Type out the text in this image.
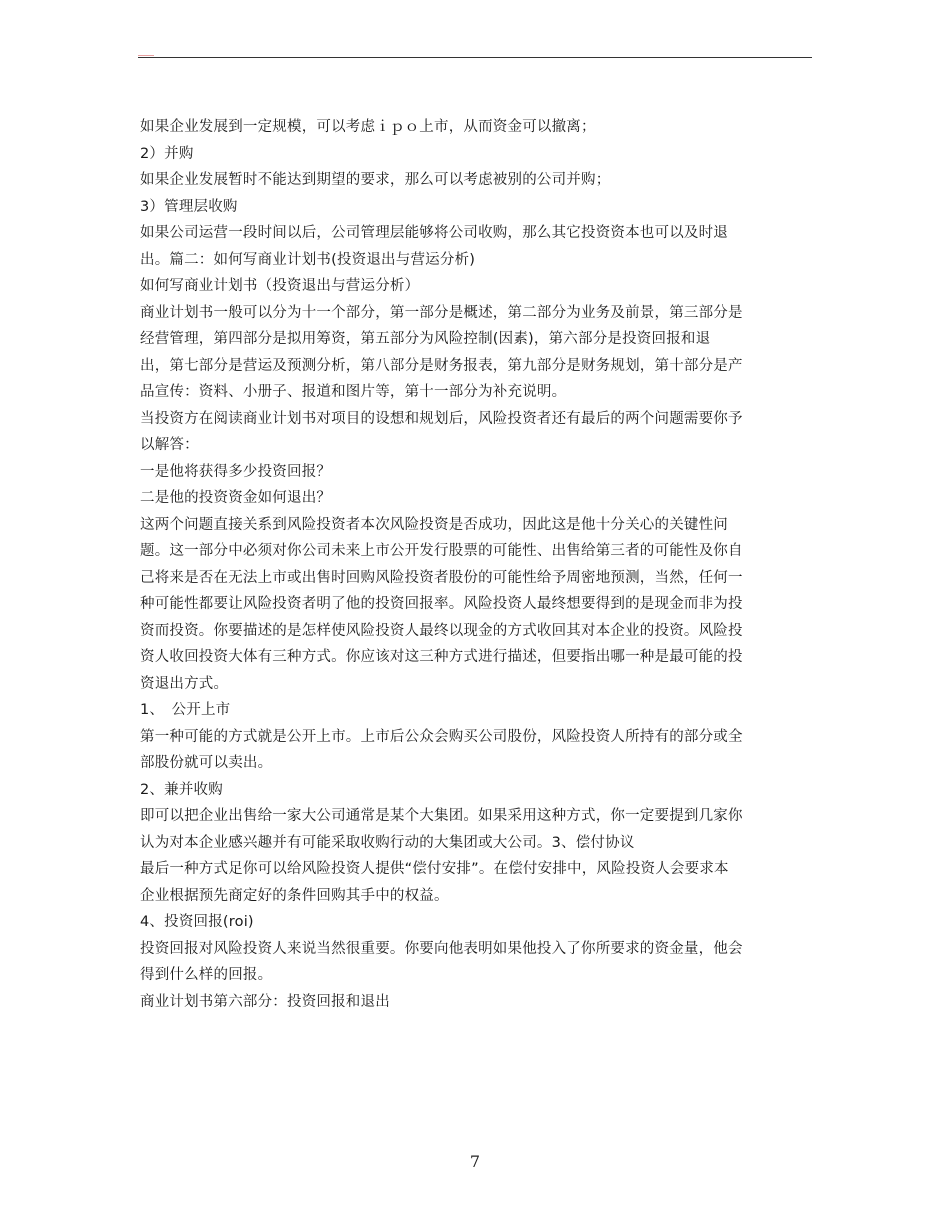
如果企业发展到一定规模，可以考虑ｉｐｏ上市，从而资金可以撤离；
2）并购
如果企业发展暂时不能达到期望的要求，那么可以考虑被别的公司并购；
3）管理层收购
如果公司运营一段时间以后，公司管理层能够将公司收购，那么其它投资资本也可以及时退
出。篇二：如何写商业计划书(投资退出与营运分析)
如何写商业计划书（投资退出与营运分析）
商业计划书一般可以分为十一个部分，第一部分是概述，第二部分为业务及前景，第三部分是
经营管理，第四部分是拟用筹资，第五部分为风险控制(因素)，第六部分是投资回报和退
出，第七部分是营运及预测分析，第八部分是财务报表，第九部分是财务规划，第十部分是产
品宣传：资料、小册子、报道和图片等，第十一部分为补充说明。
当投资方在阅读商业计划书对项目的设想和规划后，风险投资者还有最后的两个问题需要你予
以解答：
一是他将获得多少投资回报？
二是他的投资资金如何退出？
这两个问题直接关系到风险投资者本次风险投资是否成功，因此这是他十分关心的关键性问
题。这一部分中必须对你公司未来上市公开发行股票的可能性、出售给第三者的可能性及你自
己将来是否在无法上市或出售时回购风险投资者股份的可能性给予周密地预测，当然，任何一
种可能性都要让风险投资者明了他的投资回报率。风险投资人最终想要得到的是现金而非为投
资而投资。你要描述的是怎样使风险投资人最终以现金的方式收回其对本企业的投资。风险投
资人收回投资大体有三种方式。你应该对这三种方式进行描述，但要指出哪一种是最可能的投
资退出方式。
1、　公开上市
第一种可能的方式就是公开上市。上市后公众会购买公司股份，风险投资人所持有的部分或全
部股份就可以卖出。
2、兼并收购
即可以把企业出售给一家大公司通常是某个大集团。如果采用这种方式，你一定要提到几家你
认为对本企业感兴趣并有可能采取收购行动的大集团或大公司。3、偿付协议
最后一种方式足你可以给风险投资人提供“偿付安排”。在偿付安排中，风险投资人会要求本
企业根据预先商定好的条件回购其手中的权益。
4、投资回报(roi)
投资回报对风险投资人来说当然很重要。你要向他表明如果他投入了你所要求的资金量，他会
得到什么样的回报。
商业计划书第六部分：投资回报和退出
7
